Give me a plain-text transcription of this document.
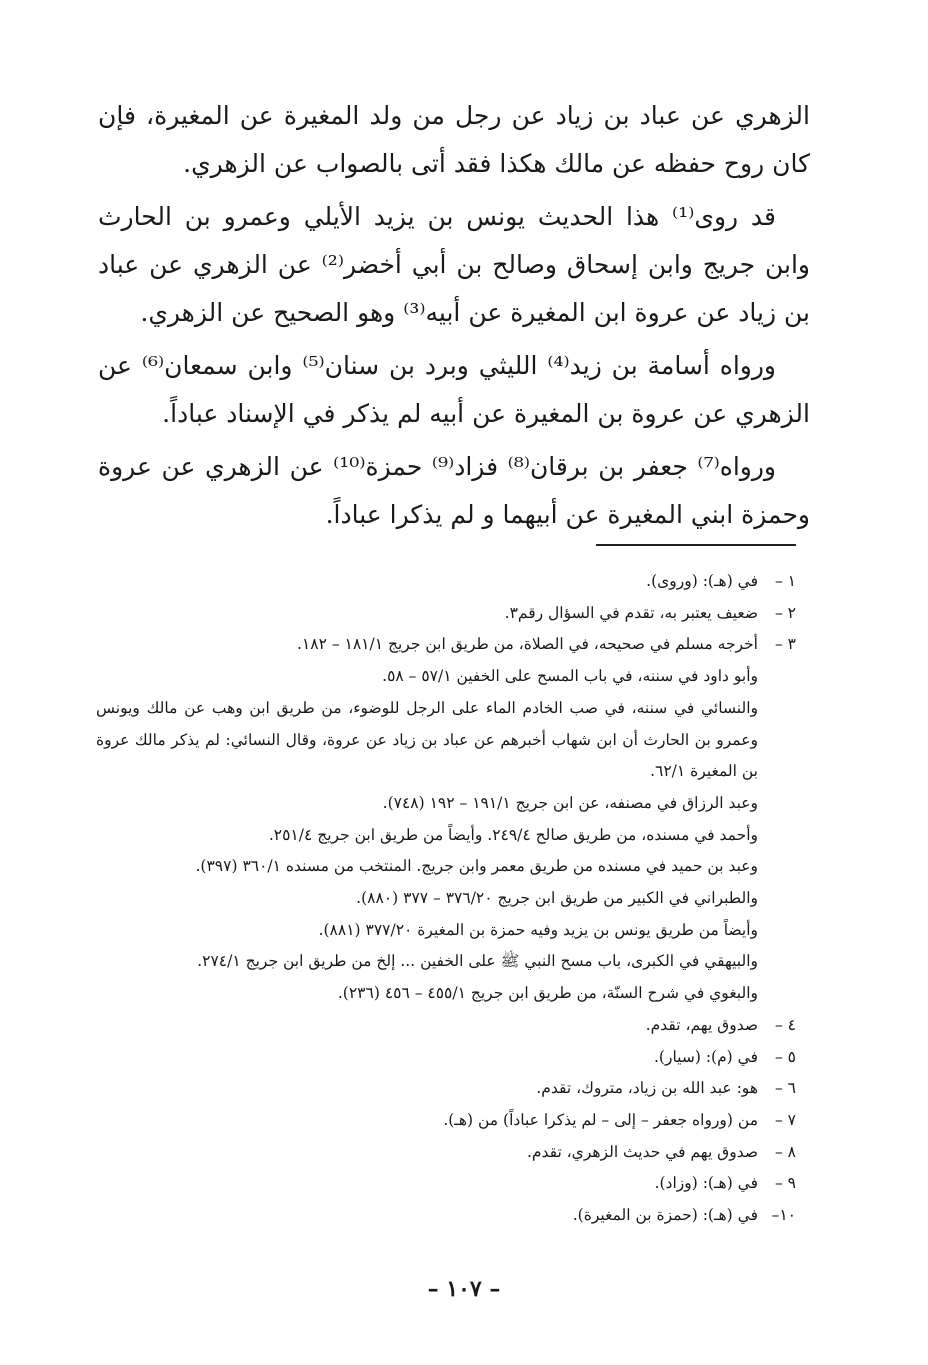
الزهري عن عباد بن زياد عن رجل من ولد المغيرة عن المغيرة، فإن كان روح حفظه عن مالك هكذا فقد أتى بالصواب عن الزهري.

قد روى⁽¹⁾ هذا الحديث يونس بن يزيد الأيلي وعمرو بن الحارث وابن جريج وابن إسحاق وصالح بن أبي أخضر⁽²⁾ عن الزهري عن عباد بن زياد عن عروة ابن المغيرة عن أبيه⁽³⁾ وهو الصحيح عن الزهري.

ورواه أسامة بن زيد⁽⁴⁾ الليثي وبرد بن سنان⁽⁵⁾ وابن سمعان⁽⁶⁾ عن الزهري عن عروة بن المغيرة عن أبيه لم يذكر في الإسناد عباداً.

ورواه⁽⁷⁾ جعفر بن برقان⁽⁸⁾ فزاد⁽⁹⁾ حمزة⁽¹⁰⁾ عن الزهري عن عروة وحمزة ابني المغيرة عن أبيهما و لم يذكرا عباداً.

١ –
في (هـ): (وروى).
٢ –
ضعيف يعتبر به، تقدم في السؤال رقم٣.
٣ –
أخرجه مسلم في صحيحه، في الصلاة، من طريق ابن جريج ١٨١/١ – ١٨٢.
وأبو داود في سننه، في باب المسح على الخفين ٥٧/١ – ٥٨.
والنسائي في سننه، في صب الخادم الماء على الرجل للوضوء، من طريق ابن وهب عن مالك ويونس وعمرو بن الحارث أن ابن شهاب أخبرهم عن عباد بن زياد عن عروة، وقال النسائي: لم يذكر مالك عروة بن المغيرة ٦٢/١.
وعبد الرزاق في مصنفه، عن ابن جريج ١٩١/١ – ١٩٢ (٧٤٨).
وأحمد في مسنده، من طريق صالح ٢٤٩/٤. وأيضاً من طريق ابن جريج ٢٥١/٤.
وعبد بن حميد في مسنده من طريق معمر وابن جريج. المنتخب من مسنده ٣٦٠/١ (٣٩٧).
والطبراني في الكبير من طريق ابن جريج ٣٧٦/٢٠ – ٣٧٧ (٨٨٠).
وأيضاً من طريق يونس بن يزيد وفيه حمزة بن المغيرة ٣٧٧/٢٠ (٨٨١).
والبيهقي في الكبرى، باب مسح النبي ﷺ على الخفين ... إلخ من طريق ابن جريج ٢٧٤/١.
والبغوي في شرح السنّة، من طريق ابن جريج ٤٥٥/١ – ٤٥٦ (٢٣٦).
٤ –
صدوق يهم، تقدم.
٥ –
في (م): (سيار).
٦ –
هو: عبد الله بن زياد، متروك، تقدم.
٧ –
من (ورواه جعفر – إلى – لم يذكرا عباداً) من (هـ).
٨ –
صدوق يهم في حديث الزهري، تقدم.
٩ –
في (هـ): (وزاد).
١٠–
في (هـ): (حمزة بن المغيرة).
– ١٠٧ –
